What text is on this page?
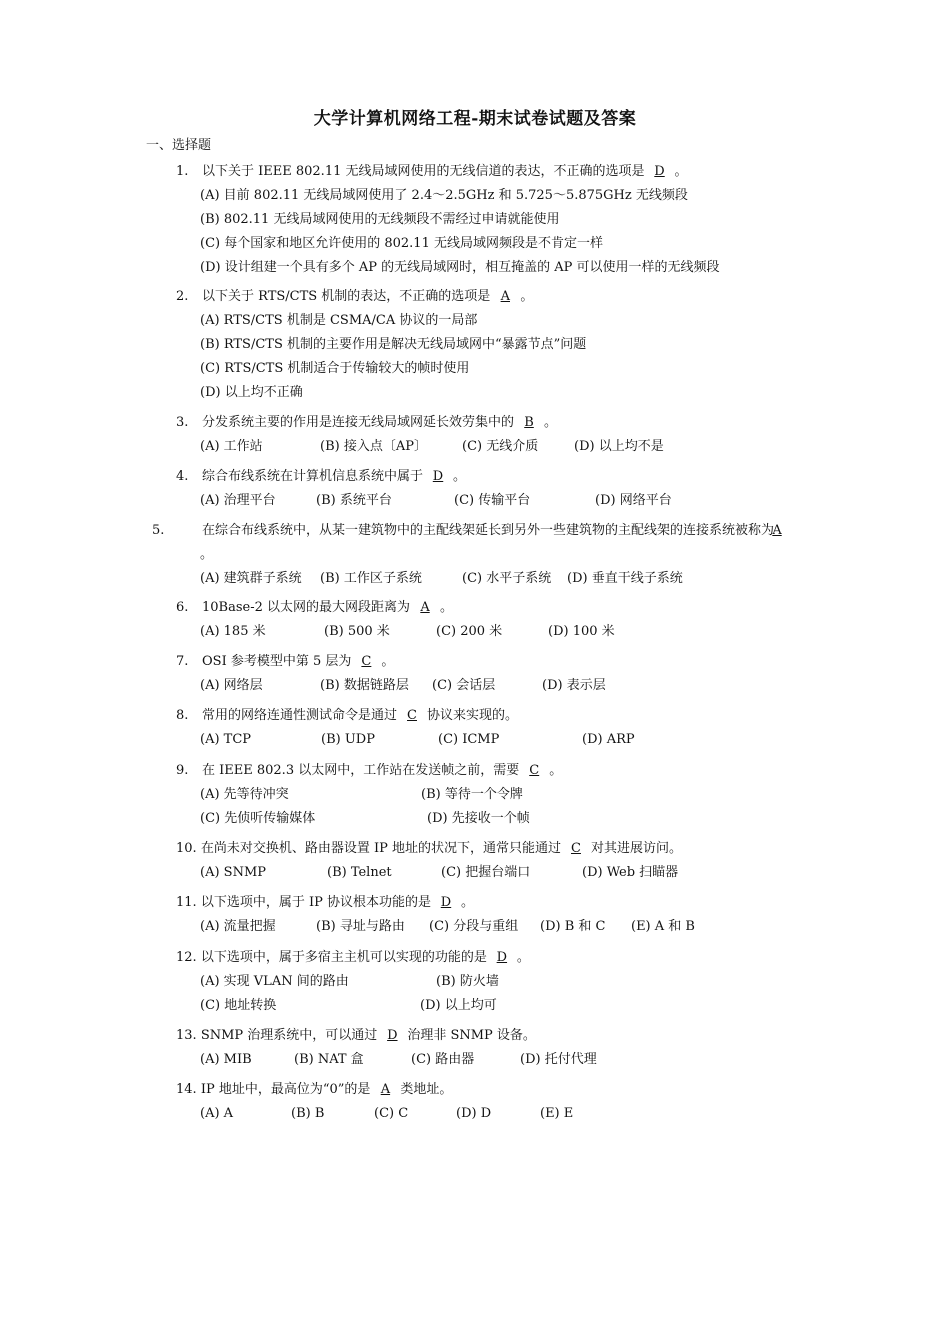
大学计算机网络工程-期末试卷试题及答案
一、选择题
1. 以下关于 IEEE 802.11 无线局域网使用的无线信道的表达，不正确的选项是 D 。
(A) 目前 802.11 无线局域网使用了 2.4～2.5GHz 和 5.725～5.875GHz 无线频段
(B) 802.11 无线局域网使用的无线频段不需经过申请就能使用
(C) 每个国家和地区允许使用的 802.11 无线局域网频段是不肯定一样
(D) 设计组建一个具有多个 AP 的无线局域网时，相互掩盖的 AP 可以使用一样的无线频段
2. 以下关于 RTS/CTS 机制的表达，不正确的选项是 A 。
(A) RTS/CTS 机制是 CSMA/CA 协议的一局部
(B) RTS/CTS 机制的主要作用是解决无线局域网中“暴露节点”问题
(C) RTS/CTS 机制适合于传输较大的帧时使用
(D) 以上均不正确
3. 分发系统主要的作用是连接无线局域网延长效劳集中的 B 。
(A) 工作站	(B) 接入点〔AP〕	(C) 无线介质	(D) 以上均不是
4. 综合布线系统在计算机信息系统中属于 D 。
(A) 治理平台	(B) 系统平台	(C) 传输平台	(D) 网络平台
5.	在综合布线系统中，从某一建筑物中的主配线架延长到另外一些建筑物的主配线架的连接系统被称为A。
(A) 建筑群子系统 (B) 工作区子系统	(C) 水平子系统 (D) 垂直干线子系统
6. 10Base-2 以太网的最大网段距离为 A 。
(A) 185 米	(B) 500 米	(C) 200 米	(D) 100 米
7. OSI 参考模型中第 5 层为 C 。
(A) 网络层	(B) 数据链路层 (C) 会话层	(D) 表示层
8. 常用的网络连通性测试命令是通过 C 协议来实现的。
(A) TCP	(B) UDP	(C) ICMP	(D) ARP
9. 在 IEEE 802.3 以太网中，工作站在发送帧之前，需要 C 。
(A) 先等待冲突	(B) 等待一个令牌
(C) 先侦听传输媒体	(D) 先接收一个帧
10. 在尚未对交换机、路由器设置 IP 地址的状况下，通常只能通过 C 对其进展访问。
(A) SNMP	(B) Telnet	(C) 把握台端口	(D) Web 扫瞄器
11. 以下选项中，属于 IP 协议根本功能的是 D 。
(A) 流量把握	(B) 寻址与路由 (C) 分段与重组 (D) B 和 C (E) A 和 B
12. 以下选项中，属于多宿主主机可以实现的功能的是 D 。
(A) 实现 VLAN 间的路由	(B) 防火墙
(C) 地址转换	(D) 以上均可
13. SNMP 治理系统中，可以通过 D 治理非 SNMP 设备。
(A) MIB	(B) NAT 盒	(C) 路由器	(D) 托付代理
14. IP 地址中，最高位为“0”的是 A 类地址。
(A) A	(B) B	(C) C	(D) D	(E) E
